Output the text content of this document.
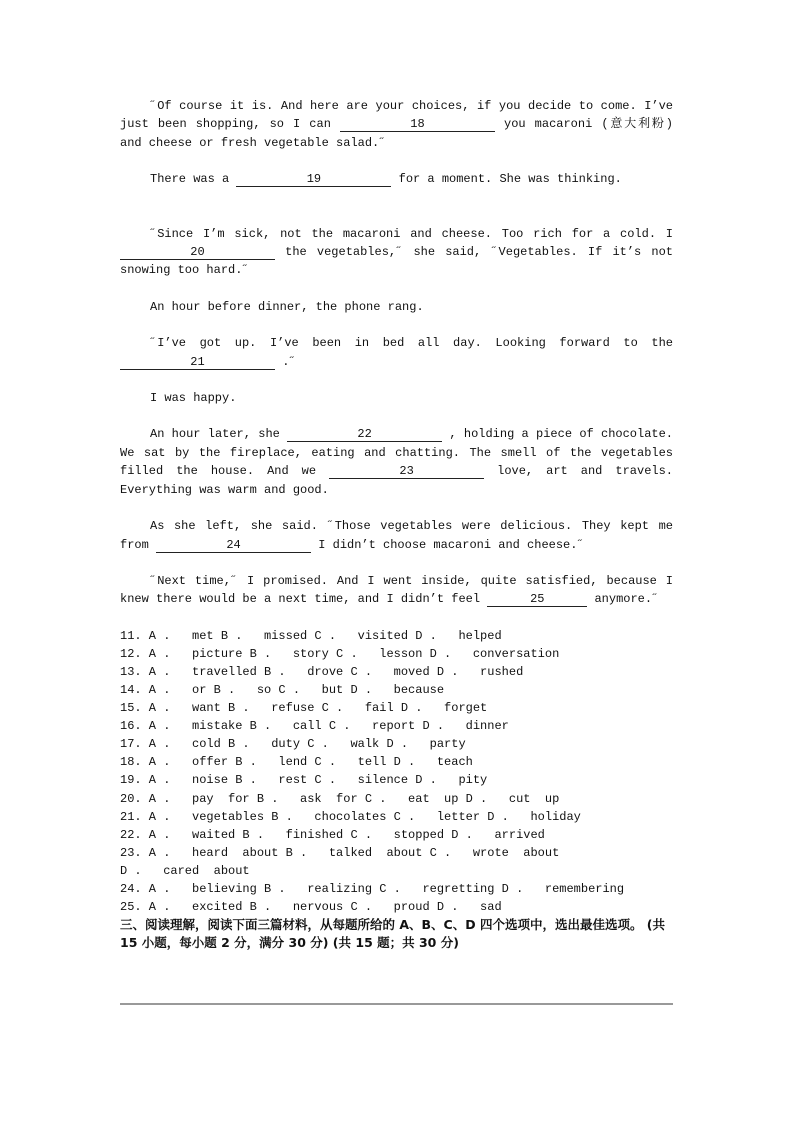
˝Of course it is. And here are your choices, if you decide to come. I’ve just been shopping, so I can	18	you macaroni (意大利粉) and cheese or fresh vegetable salad.˝

There was a	19	for a moment. She was thinking.

˝Since I’m sick, not the macaroni and cheese. Too rich for a cold. I 20	the vegetables,˝ she said, ˝Vegetables. If it’s not snowing too hard.˝

An hour before dinner, the phone rang.

˝I’ve got up. I’ve been in bed all day. Looking forward to the 21	.˝

I was happy.

An hour later, she	22	, holding a piece of chocolate. We sat by the fireplace, eating and chatting. The smell of the vegetables filled the house. And we	23	love, art and travels. Everything was warm and good.

As she left, she said. ˝Those vegetables were delicious. They kept me from	24	I didn’t choose macaroni and cheese.˝

˝Next time,˝ I promised. And I went inside, quite satisfied, because I knew there would be a next time, and I didn’t feel	25	anymore.˝

11. A .   met B .   missed C .   visited D .   helped
12. A .   picture B .   story C .   lesson D .   conversation
13. A .   travelled B .   drove C .   moved D .   rushed
14. A .   or B .   so C .   but D .   because
15. A .   want B .   refuse C .   fail D .   forget
16. A .   mistake B .   call C .   report D .   dinner
17. A .   cold B .   duty C .   walk D .   party
18. A .   offer B .   lend C .   tell D .   teach
19. A .   noise B .   rest C .   silence D .   pity
20. A .   pay  for B .   ask  for C .   eat  up D .   cut  up
21. A .   vegetables B .   chocolates C .   letter D .   holiday
22. A .   waited B .   finished C .   stopped D .   arrived
23. A .   heard  about B .   talked  about C .   wrote  about
D .   cared  about
24. A .   believing B .   realizing C .   regretting D .   remembering
25. A .   excited B .   nervous C .   proud D .   sad
三、阅读理解，阅读下面三篇材料，从每题所给的 A、B、C、D 四个选项中，选出最佳选项。 (共 15 小题，每小题 2 分，满分 30 分) (共 15 题；共 30 分)
